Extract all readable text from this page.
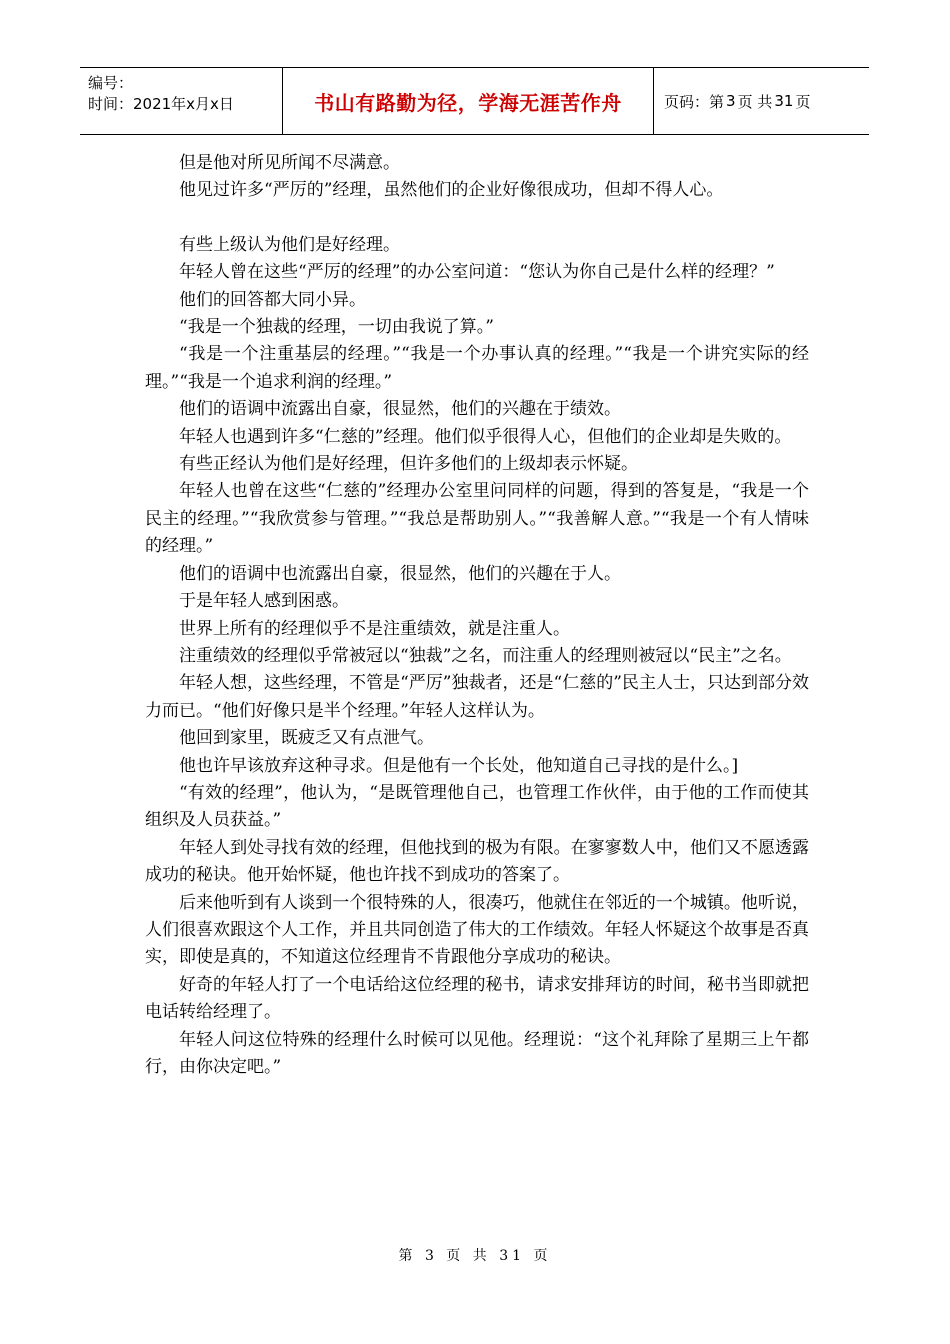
编号：
时间：2021年x月x日	书山有路勤为径，学海无涯苦作舟	页码：第 3 页 共 31 页

但是他对所见所闻不尽满意。

他见过许多“严厉的”经理，虽然他们的企业好像很成功，但却不得人心。

有些上级认为他们是好经理。

年轻人曾在这些“严厉的经理”的办公室问道：“您认为你自己是什么样的经理？”

他们的回答都大同小异。

“我是一个独裁的经理，一切由我说了算。”

“我是一个注重基层的经理。”“我是一个办事认真的经理。”“我是一个讲究实际的经理。”“我是一个追求利润的经理。”

他们的语调中流露出自豪，很显然，他们的兴趣在于绩效。

年轻人也遇到许多“仁慈的”经理。他们似乎很得人心，但他们的企业却是失败的。

有些正经认为他们是好经理，但许多他们的上级却表示怀疑。

年轻人也曾在这些“仁慈的”经理办公室里问同样的问题，得到的答复是，“我是一个民主的经理。”“我欣赏参与管理。”“我总是帮助别人。”“我善解人意。”“我是一个有人情味的经理。”

他们的语调中也流露出自豪，很显然，他们的兴趣在于人。

于是年轻人感到困惑。

世界上所有的经理似乎不是注重绩效，就是注重人。

注重绩效的经理似乎常被冠以“独裁”之名，而注重人的经理则被冠以“民主”之名。

年轻人想，这些经理，不管是“严厉”独裁者，还是“仁慈的”民主人士，只达到部分效力而已。“他们好像只是半个经理。”年轻人这样认为。

他回到家里，既疲乏又有点泄气。

他也许早该放弃这种寻求。但是他有一个长处，他知道自己寻找的是什么。]

“有效的经理”，他认为，“是既管理他自己，也管理工作伙伴，由于他的工作而使其组织及人员获益。”

年轻人到处寻找有效的经理，但他找到的极为有限。在寥寥数人中，他们又不愿透露成功的秘诀。他开始怀疑，他也许找不到成功的答案了。

后来他听到有人谈到一个很特殊的人，很凑巧，他就住在邻近的一个城镇。他听说，人们很喜欢跟这个人工作，并且共同创造了伟大的工作绩效。年轻人怀疑这个故事是否真实，即使是真的，不知道这位经理肯不肯跟他分享成功的秘诀。

好奇的年轻人打了一个电话给这位经理的秘书，请求安排拜访的时间，秘书当即就把电话转给经理了。

年轻人问这位特殊的经理什么时候可以见他。经理说：“这个礼拜除了星期三上午都行，由你决定吧。”

第 3 页 共 31 页
